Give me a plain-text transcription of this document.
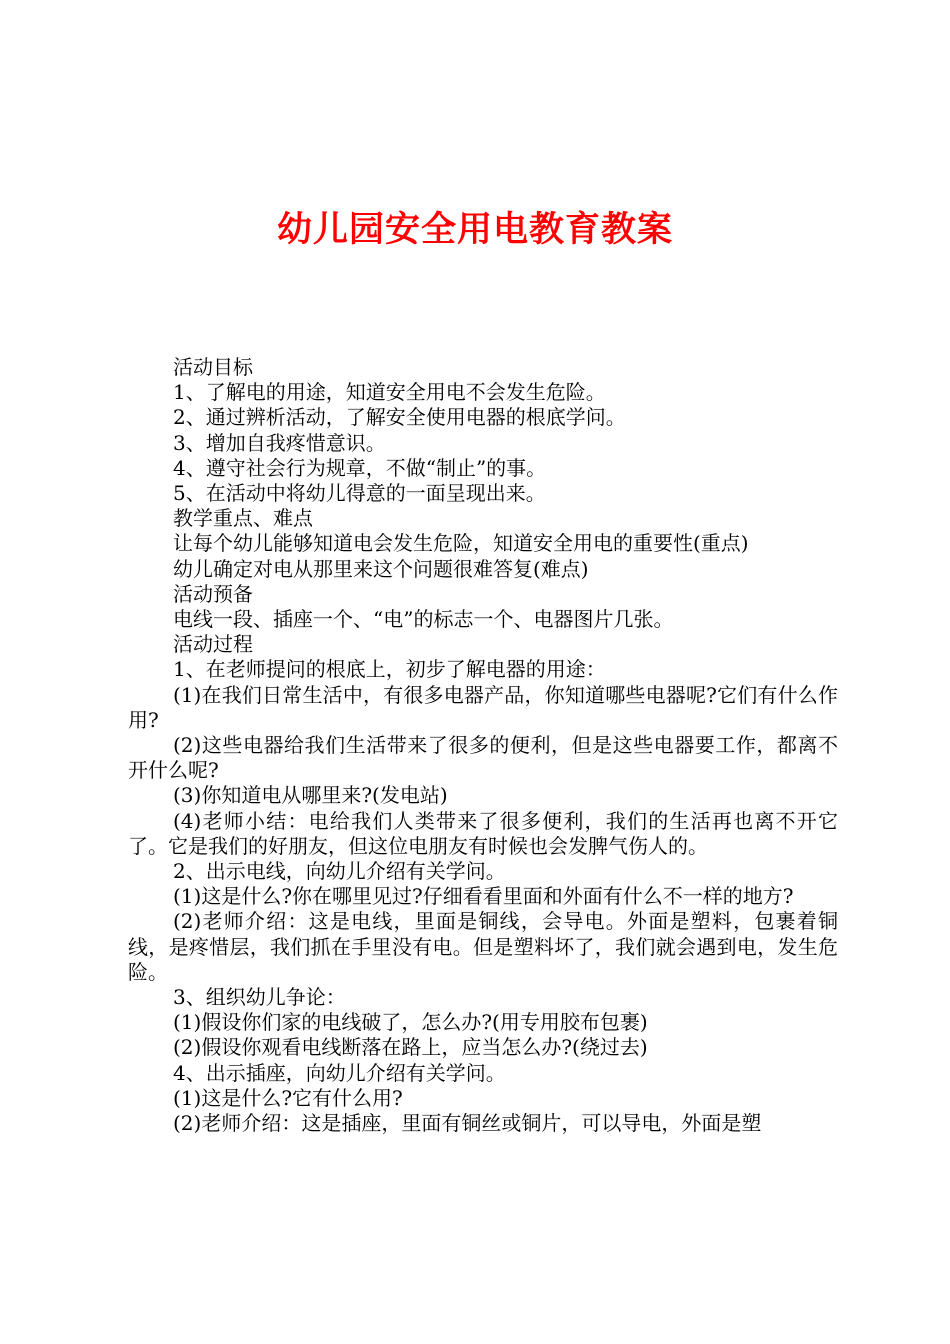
幼儿园安全用电教育教案

活动目标

1、了解电的用途，知道安全用电不会发生危险。

2、通过辨析活动，了解安全使用电器的根底学问。

3、增加自我疼惜意识。

4、遵守社会行为规章，不做“制止”的事。

5、在活动中将幼儿得意的一面呈现出来。

教学重点、难点

让每个幼儿能够知道电会发生危险，知道安全用电的重要性(重点)

幼儿确定对电从那里来这个问题很难答复(难点)

活动预备

电线一段、插座一个、“电”的标志一个、电器图片几张。

活动过程

1、在老师提问的根底上，初步了解电器的用途：

(1)在我们日常生活中，有很多电器产品，你知道哪些电器呢?它们有什么作用?

(2)这些电器给我们生活带来了很多的便利，但是这些电器要工作，都离不开什么呢?

(3)你知道电从哪里来?(发电站)

(4)老师小结：电给我们人类带来了很多便利，我们的生活再也离不开它了。它是我们的好朋友，但这位电朋友有时候也会发脾气伤人的。

2、出示电线，向幼儿介绍有关学问。

(1)这是什么?你在哪里见过?仔细看看里面和外面有什么不一样的地方?

(2)老师介绍：这是电线，里面是铜线，会导电。外面是塑料，包裹着铜线，是疼惜层，我们抓在手里没有电。但是塑料坏了，我们就会遇到电，发生危险。

3、组织幼儿争论：

(1)假设你们家的电线破了，怎么办?(用专用胶布包裹)

(2)假设你观看电线断落在路上，应当怎么办?(绕过去)

4、出示插座，向幼儿介绍有关学问。

(1)这是什么?它有什么用?

(2)老师介绍：这是插座，里面有铜丝或铜片，可以导电，外面是塑
